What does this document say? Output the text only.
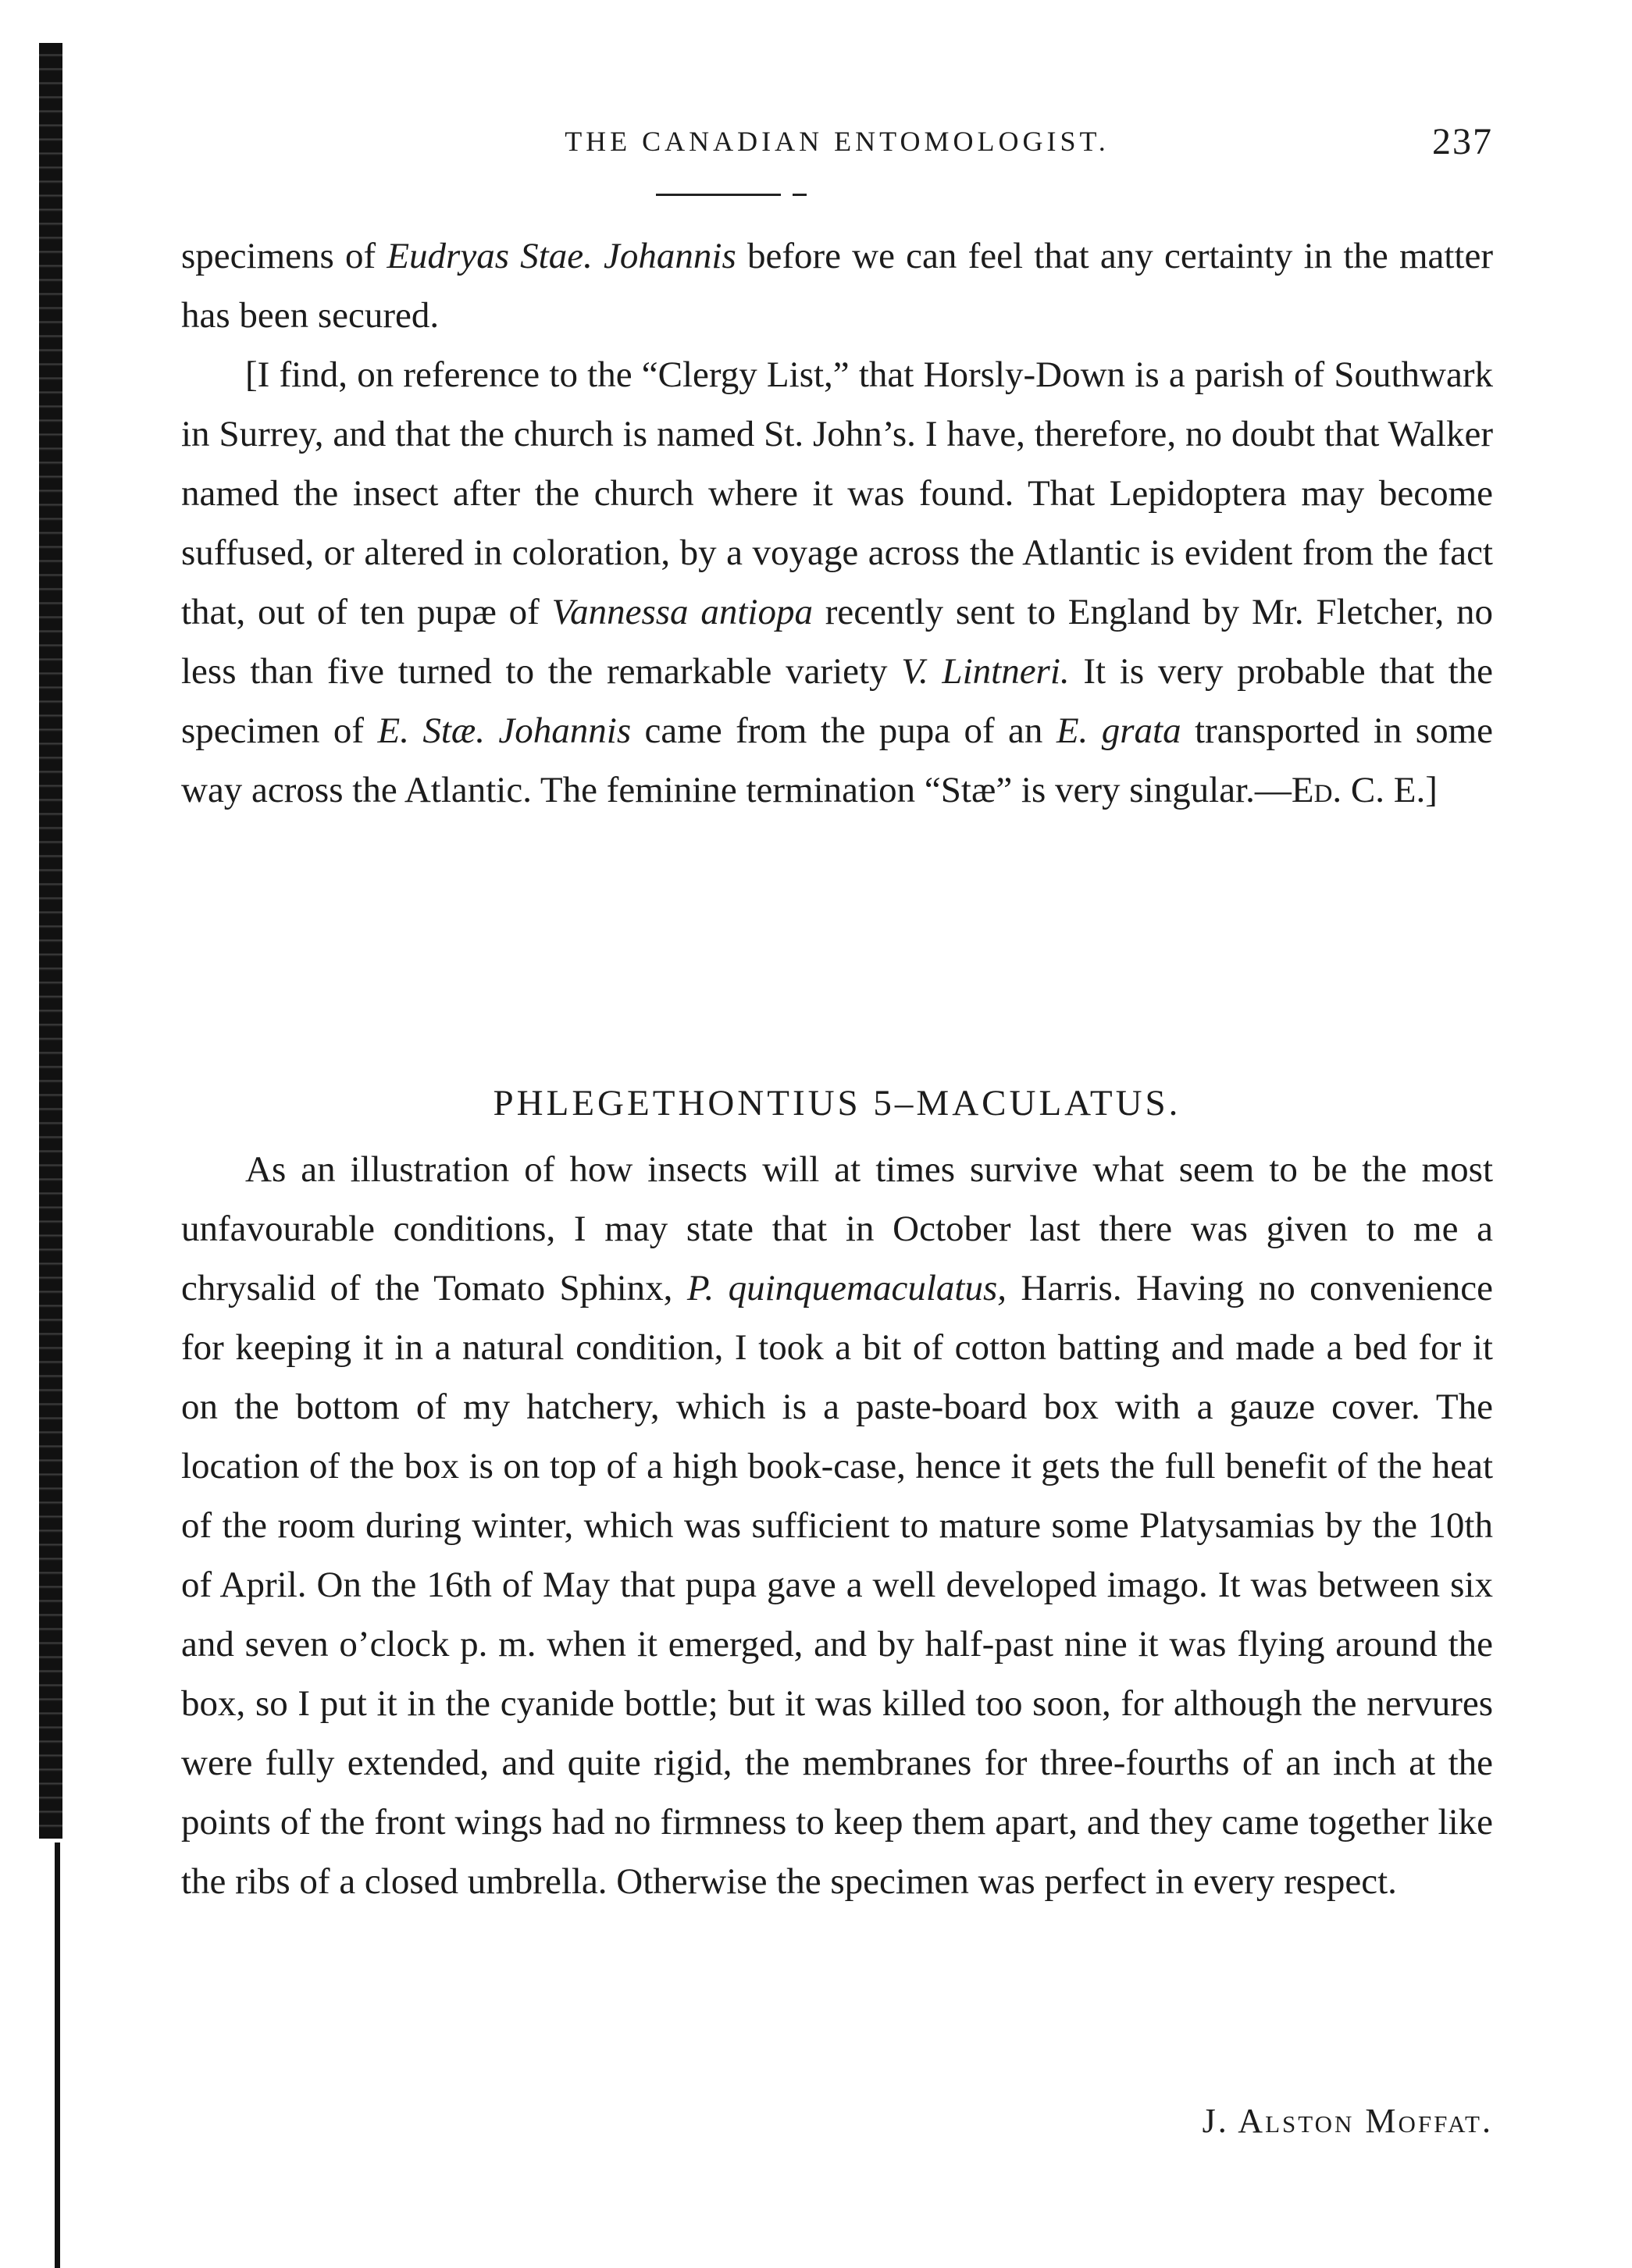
THE CANADIAN ENTOMOLOGIST.	237

specimens of Eudryas Stae. Johannis before we can feel that any certainty in the matter has been secured.

[I find, on reference to the “Clergy List,” that Horsly-Down is a parish of Southwark in Surrey, and that the church is named St. John’s. I have, therefore, no doubt that Walker named the insect after the church where it was found. That Lepidoptera may become suffused, or altered in coloration, by a voyage across the Atlantic is evident from the fact that, out of ten pupæ of Vannessa antiopa recently sent to England by Mr. Fletcher, no less than five turned to the remarkable variety V. Lintneri. It is very probable that the specimen of E. Stæ. Johannis came from the pupa of an E. grata transported in some way across the Atlantic. The feminine termination “Stæ” is very singular.—Ed. C. E.]

PHLEGETHONTIUS 5–MACULATUS.

As an illustration of how insects will at times survive what seem to be the most unfavourable conditions, I may state that in October last there was given to me a chrysalid of the Tomato Sphinx, P. quinquemaculatus, Harris. Having no convenience for keeping it in a natural condition, I took a bit of cotton batting and made a bed for it on the bottom of my hatchery, which is a paste-board box with a gauze cover. The location of the box is on top of a high book-case, hence it gets the full benefit of the heat of the room during winter, which was sufficient to mature some Platysamias by the 10th of April. On the 16th of May that pupa gave a well developed imago. It was between six and seven o’clock p. m. when it emerged, and by half-past nine it was flying around the box, so I put it in the cyanide bottle; but it was killed too soon, for although the nervures were fully extended, and quite rigid, the membranes for three-fourths of an inch at the points of the front wings had no firmness to keep them apart, and they came together like the ribs of a closed umbrella. Otherwise the specimen was perfect in every respect.

J. Alston Moffat.
